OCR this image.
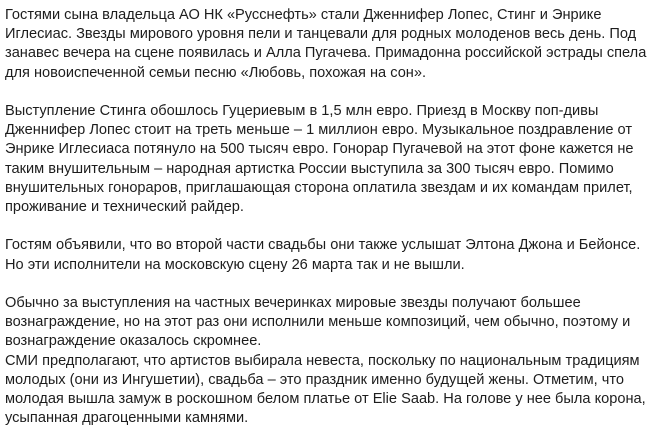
Гостями сына владельца АО НК «Русснефть» стали Дженнифер Лопес, Стинг и Энрике Иглесиас. Звезды мирового уровня пели и танцевали для родных молоденов весь день. Под занавес вечера на сцене появилась и Алла Пугачева. Примадонна российской эстрады спела для новоиспеченной семьи песню «Любовь, похожая на сон».

Выступление Стинга обошлось Гуцериевым в 1,5 млн евро. Приезд в Москву поп-дивы Дженнифер Лопес стоит на треть меньше – 1 миллион евро. Музыкальное поздравление от Энрике Иглесиаса потянуло на 500 тысяч евро. Гонорар Пугачевой на этот фоне кажется не таким внушительным – народная артистка России выступила за 300 тысяч евро. Помимо внушительных гонораров, приглашающая сторона оплатила звездам и их командам прилет, проживание и технический райдер.

Гостям объявили, что во второй части свадьбы они также услышат Элтона Джона и Бейонсе. Но эти исполнители на московскую сцену 26 марта так и не вышли.

Обычно за выступления на частных вечеринках мировые звезды получают большее вознаграждение, но на этот раз они исполнили меньше композиций, чем обычно, поэтому и вознаграждение оказалось скромнее.

СМИ предполагают, что артистов выбирала невеста, поскольку по национальным традициям молодых (они из Ингушетии), свадьба – это праздник именно будущей жены. Отметим, что молодая вышла замуж в роскошном белом платье от Elie Saab. На голове у нее была корона, усыпанная драгоценными камнями.
